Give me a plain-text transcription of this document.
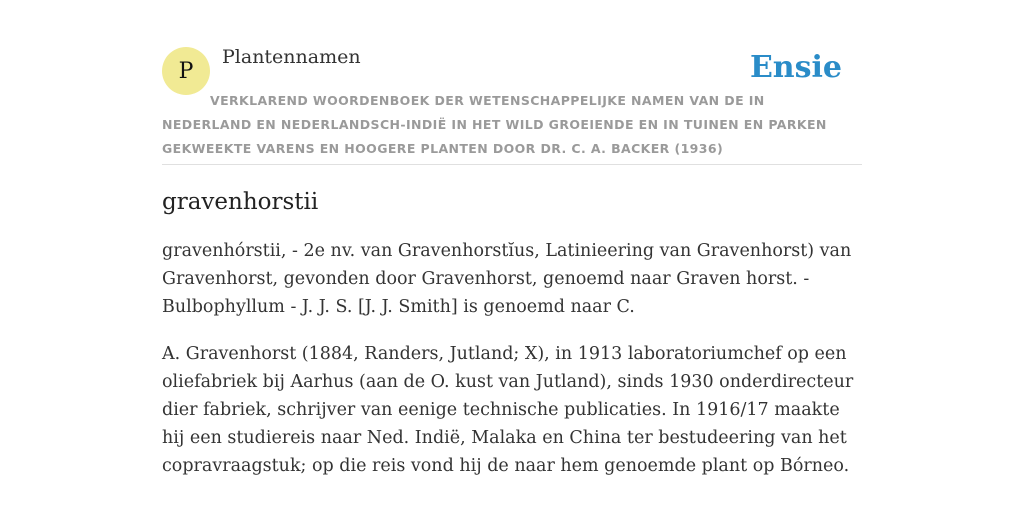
P
Plantennamen	Ensie
VERKLAREND WOORDENBOEK DER WETENSCHAPPELIJKE NAMEN VAN DE IN NEDERLAND EN NEDERLANDSCH-INDIË IN HET WILD GROEIENDE EN IN TUINEN EN PARKEN GEKWEEKTE VARENS EN HOOGERE PLANTEN DOOR DR. C. A. BACKER (1936)
gravenhorstii

gravenhórstii, - 2e nv. van Gravenhorstĭus, Latinieering van Gravenhorst) van Gravenhorst, gevonden door Gravenhorst, genoemd naar Graven horst. - Bulbophyllum - J. J. S. [J. J. Smith] is genoemd naar C.

A. Gravenhorst (1884, Randers, Jutland; X), in 1913 laboratoriumchef op een oliefabriek bij Aarhus (aan de O. kust van Jutland), sinds 1930 onderdirecteur dier fabriek, schrijver van eenige technische publicaties. In 1916/17 maakte hij een studiereis naar Ned. Indië, Malaka en China ter bestudeering van het copravraagstuk; op die reis vond hij de naar hem genoemde plant op Bórneo.
